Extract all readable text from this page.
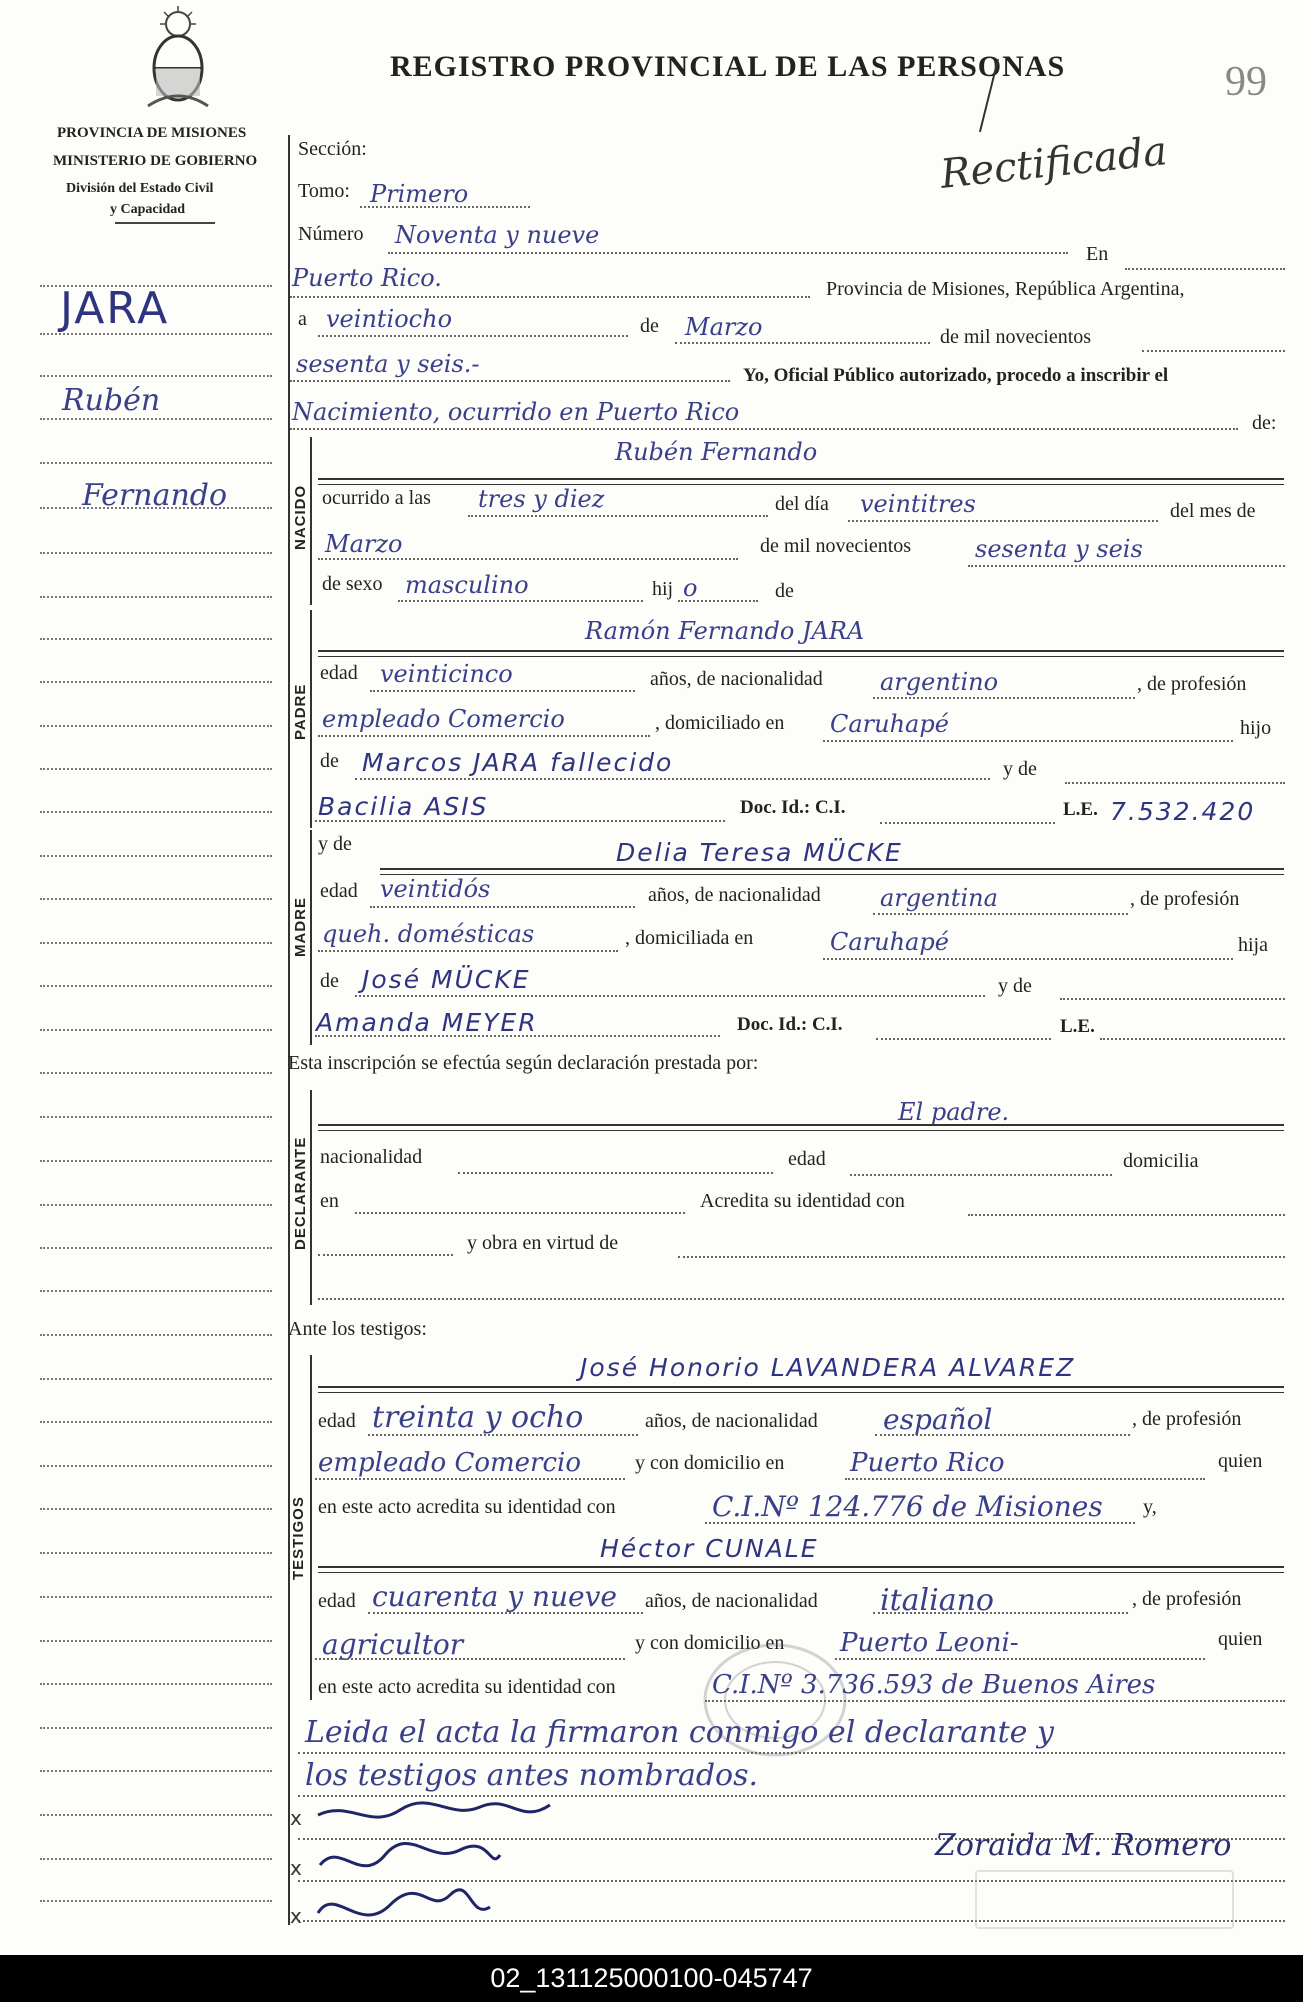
PROVINCIA DE MISIONES
MINISTERIO DE GOBIERNO
División del Estado Civil
y Capacidad
REGISTRO PROVINCIAL DE LAS PERSONAS	99
Rectificada
JARA
Rubén
Fernando
Sección:
Tomo: Primero
Número Noventa y nueve
En
Puerto Rico.	Provincia de Misiones, República Argentina,
a veintiocho	de Marzo	de mil novecientos
sesenta y seis.-	Yo, Oficial Público autorizado, procedo a inscribir el
Nacimiento, ocurrido en Puerto Rico	de:
NACIDO
Rubén Fernando
ocurrido a las tres y diez	del día veintitres	del mes de
Marzo	de mil novecientos	sesenta y seis
de sexo masculino	hij o	de
PADRE
Ramón Fernando JARA
edad veinticinco	años, de nacionalidad argentino	, de profesión
empleado Comercio	, domiciliado en Caruhapé	hijo
de Marcos JARA fallecido	y de
Bacilia ASIS	Doc. Id.: C.I.	L.E. 7.532.420
MADRE
y de	Delia Teresa MÜCKE
edad veintidós	años, de nacionalidad argentina	, de profesión
queh. domésticas	, domiciliada en	Caruhapé	hija
de José MÜCKE	y de
Amanda MEYER	Doc. Id.: C.I.	L.E.
Esta inscripción se efectúa según declaración prestada por:
DECLARANTE
El padre.
nacionalidad	edad	domicilia
en	Acredita su identidad con
y obra en virtud de
Ante los testigos:
TESTIGOS
José Honorio LAVANDERA ALVAREZ
edad treinta y ocho	años, de nacionalidad español	, de profesión
empleado Comercio	y con domicilio en	Puerto Rico	quien
en este acto acredita su identidad con	C.I.Nº 124.776 de Misiones y,
Héctor CUNALE
edad cuarenta y nueve años, de nacionalidad italiano	, de profesión
agricultor	y con domicilio en Puerto Leoni-	quien
en este acto acredita su identidad con	C.I.Nº 3.736.593 de Buenos Aires
Leida el acta la firmaron conmigo el declarante y
los testigos antes nombrados.
x
x
x
Zoraida M. Romero
02_131125000100-045747
